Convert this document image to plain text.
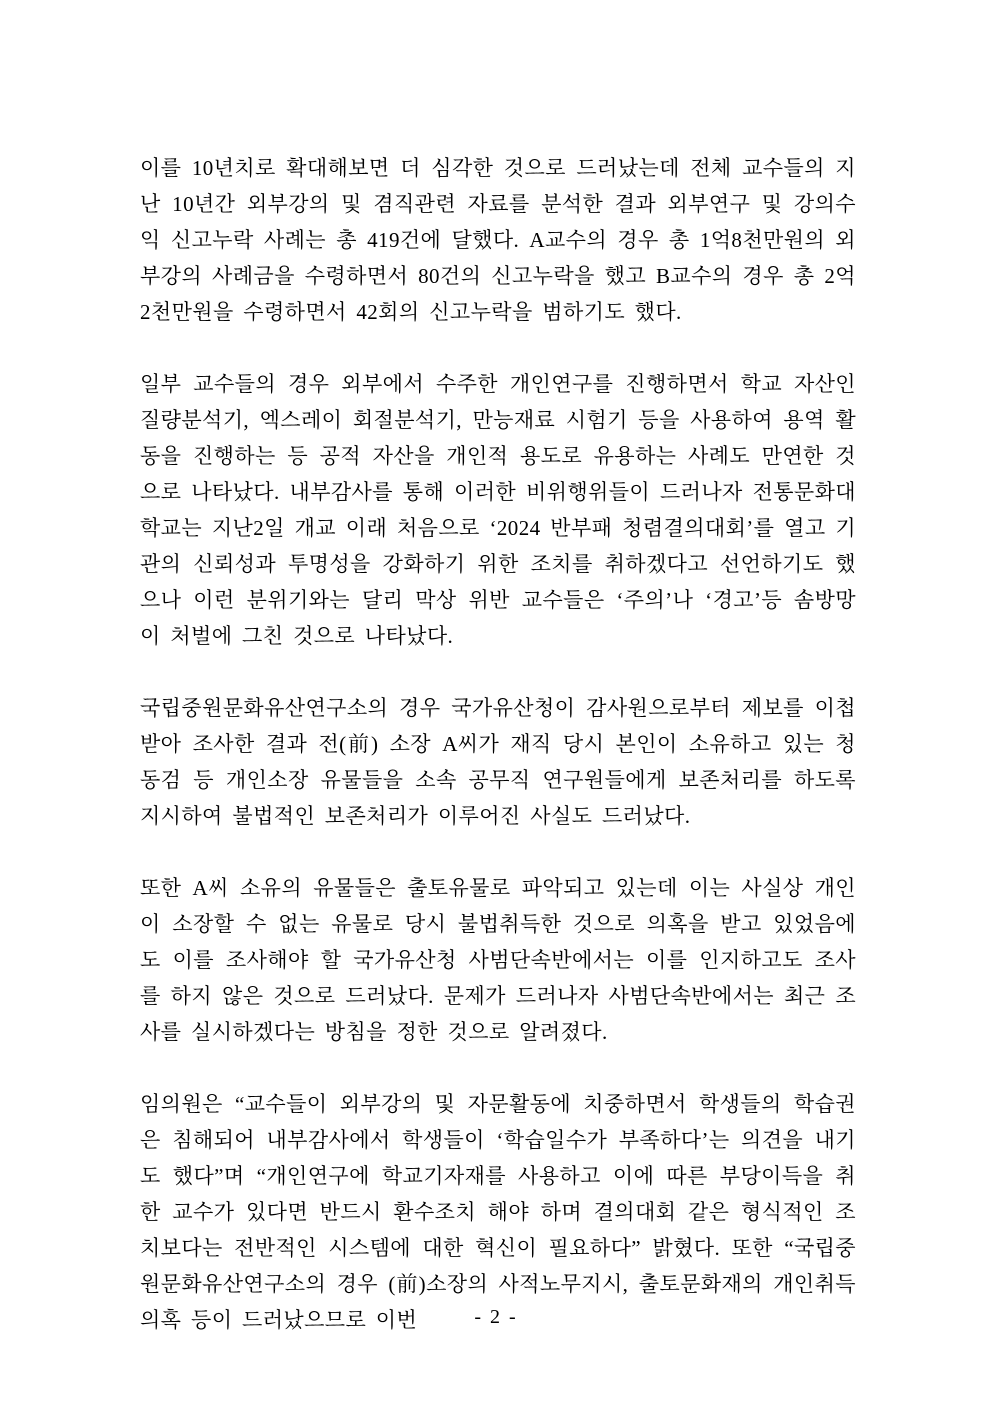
이를 10년치로 확대해보면 더 심각한 것으로 드러났는데 전체 교수들의 지난 10년간 외부강의 및 겸직관련 자료를 분석한 결과 외부연구 및 강의수익 신고누락 사례는 총 419건에 달했다. A교수의 경우 총 1억8천만원의 외부강의 사례금을 수령하면서 80건의 신고누락을 했고 B교수의 경우 총 2억2천만원을 수령하면서 42회의 신고누락을 범하기도 했다.

일부 교수들의 경우 외부에서 수주한 개인연구를 진행하면서 학교 자산인 질량분석기, 엑스레이 회절분석기, 만능재료 시험기 등을 사용하여 용역 활동을 진행하는 등 공적 자산을 개인적 용도로 유용하는 사례도 만연한 것으로 나타났다. 내부감사를 통해 이러한 비위행위들이 드러나자 전통문화대학교는 지난2일 개교 이래 처음으로 ‘2024 반부패 청렴결의대회’를 열고 기관의 신뢰성과 투명성을 강화하기 위한 조치를 취하겠다고 선언하기도 했으나 이런 분위기와는 달리 막상 위반 교수들은 ‘주의’나 ‘경고’등 솜방망이 처벌에 그친 것으로 나타났다.

국립중원문화유산연구소의 경우 국가유산청이 감사원으로부터 제보를 이첩받아 조사한 결과 전(前) 소장 A씨가 재직 당시 본인이 소유하고 있는 청동검 등 개인소장 유물들을 소속 공무직 연구원들에게 보존처리를 하도록 지시하여 불법적인 보존처리가 이루어진 사실도 드러났다.

또한 A씨 소유의 유물들은 출토유물로 파악되고 있는데 이는 사실상 개인이 소장할 수 없는 유물로 당시 불법취득한 것으로 의혹을 받고 있었음에도 이를 조사해야 할 국가유산청 사범단속반에서는 이를 인지하고도 조사를 하지 않은 것으로 드러났다. 문제가 드러나자 사범단속반에서는 최근 조사를 실시하겠다는 방침을 정한 것으로 알려졌다.

임의원은 “교수들이 외부강의 및 자문활동에 치중하면서 학생들의 학습권은 침해되어 내부감사에서 학생들이 ‘학습일수가 부족하다’는 의견을 내기도 했다”며 “개인연구에 학교기자재를 사용하고 이에 따른 부당이득을 취한 교수가 있다면 반드시 환수조치 해야 하며 결의대회 같은 형식적인 조치보다는 전반적인 시스템에 대한 혁신이 필요하다” 밝혔다. 또한 “국립중원문화유산연구소의 경우 (前)소장의 사적노무지시, 출토문화재의 개인취득 의혹 등이 드러났으므로 이번	- 2 -
